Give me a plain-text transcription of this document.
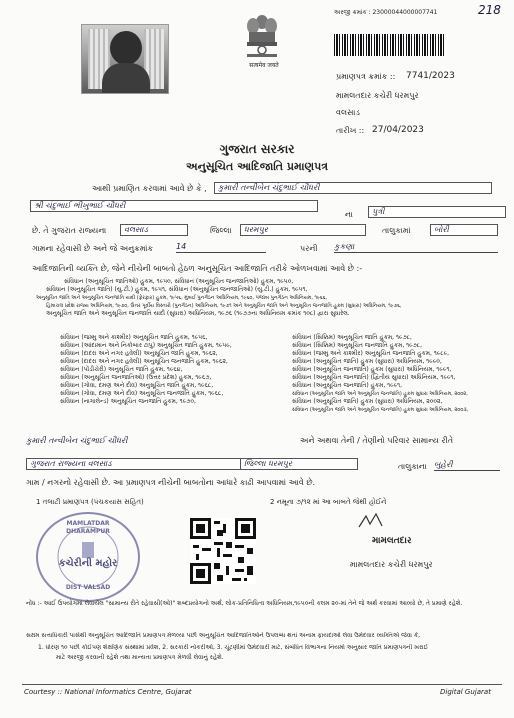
218
सत्यमेव जयते
અરજી ક્રમાંક : 23000044000007741
પ્રમાણપત્ર ક્રમાંક :: 7741/2023
મામલતદાર કચેરી ધરમપુર
વલસાડ
તારીખ :: 27/04/2023
ગુજરાત સરકાર
અનુસૂચિત આદિજાતિ પ્રમાણપત્ર
આથી પ્રમાણિત કરવામાં આવે છે કે ,	કુમારી તન્વીબેન ચંદુભાઈ ચૌધરી
શ્રી ચંદુભાઈ ભીખુભાઈ ચૌધરી
ના	પુત્રી
છે. તે ગુજરાત રાજ્યના	વલસાડ	જિલ્લા	ધરમપુર	તાલુકામાં	બોરી
ગામના રહેવાસી છે અને જે અનુક્રમાંક	14	પરની કુકણા
આદિજાતિની વ્યક્તિ છે, જેને નીચેની બાબતો હેઠળ અનુસૂચિત આદિજાતિ તરીકે ઓળખવામાં આવે છે :-
સંવિધાન (અનુસૂચિત જાતિઓ) હુકમ, ૧૯૫૦, સંવિધાન (અનુસૂચિત જનજાતિઓ) હુકમ, ૧૯૫૦,
સંવિધાન (અનુસૂચિત જાતિ) (યુ.ટી.) હુકમ, ૧૯૫૧, સંવિધાન (અનુસૂચિત જનજાતિઓ) (યુ.ટી.) હુકમ, ૧૯૫૧,
અનુસૂચિત જાતિ અને અનુસૂચિત જનજાતિ યાદી (ફેરફાર) હુકમ, ૧૯૫૬, મુંબઈ પુનર્ગઠન અધિનિયમ, ૧૯૬૦, પંજાબ પુનર્ગઠન અધિનિયમ, ૧૯૬૬,
હિમાચલ પ્રદેશ રાજ્ય અધિનિયમ, ૧૯૭૦, ઉત્તર પૂર્વીય વિસ્તારો (પુનર્ગઠન) અધિનિયમ, ૧૯૭૧ અને અનુસૂચિત જાતિ અને અનુસૂચિત જનજાતિ હુકમ (સુધારા) અધિનિયમ, ૧૯૭૬,
અનુસૂચિત જાતિ અને અનુસૂચિત જનજાતિ યાદી (સુધારા) અધિનિયમ, ૧૯૭૬ (૧૯૭૭ના અધિનિયમ ક્રમાંક ૧૦૮) દ્વારા સુધારેલ.
સંવિધાન (જમ્મુ અને કાશ્મીર) અનુસૂચિત જાતિ હુકમ, ૧૯૫૬,
સંવિધાન (આંદામાન અને નિકોબાર ટાપુ) અનુસૂચિત જાતિ હુકમ, ૧૯૫૯,
સંવિધાન (દાદરા અને નગર હવેલી) અનુસૂચિત જાતિ હુકમ, ૧૯૬૨,
સંવિધાન (દાદરા અને નગર હવેલી) અનુસૂચિત જનજાતિ હુકમ, ૧૯૬૨,
સંવિધાન (પોંડીચેરી) અનુસૂચિત જાતિ હુકમ, ૧૯૬૪,
સંવિધાન (અનુસૂચિત જનજાતિઓ) (ઉત્તર પ્રદેશ) હુકમ, ૧૯૬૭,
સંવિધાન (ગોવા, દમણ અને દીવ) અનુસૂચિત જાતિ હુકમ, ૧૯૬૮,
સંવિધાન (ગોવા, દમણ અને દીવ) અનુસૂચિત જનજાતિ હુકમ, ૧૯૬૮,
સંવિધાન (નાગાલેન્ડ) અનુસૂચિત જનજાતિ હુકમ, ૧૯૭૦,
સંવિધાન (સિક્કિમ) અનુસૂચિત જાતિ હુકમ, ૧૯૭૮,
સંવિધાન (સિક્કિમ) અનુસૂચિત જનજાતિ હુકમ, ૧૯૭૮,
સંવિધાન (જમ્મુ અને કાશ્મીર) અનુસૂચિત જનજાતિ હુકમ, ૧૯૮૯,
સંવિધાન (અનુસૂચિત જાતિ) હુકમ (સુધારા) અધિનિયમ, ૧૯૯૦,
સંવિધાન (અનુસૂચિત જનજાતિ) હુકમ (સુધારા) અધિનિયમ, ૧૯૯૧,
સંવિધાન (અનુસૂચિત જનજાતિ) (દ્વિતીય સુધારા) અધિનિયમ, ૧૯૯૧,
સંવિધાન (અનુસૂચિત જનજાતિ) હુકમ, ૧૯૯૧,
સંવિધાન (અનુસૂચિત જાતિ અને અનુસૂચિત જનજાતિ) હુકમ સુધારા અધિનિયમ, ૨૦૦૨,
સંવિધાન (અનુસૂચિત જાતિ) હુકમ (સુધારા) અધિનિયમ, ૨૦૦૨,
સંવિધાન (અનુસૂચિત જાતિ અને અનુસૂચિત જનજાતિ) હુકમ સુધારા અધિનિયમ, ૨૦૦૩,
કુમારી તન્વીબેન ચંદુભાઈ ચૌધરી	અને અથવા તેની / તેણીનો પરિવાર સામાન્ય રીતે
ગુજરાત રાજ્યના વલસાડ	જિલ્લા ધરમપુર	તાલુકાના બુહેરી
ગામ / નગરનો રહેવાસી છે. આ પ્રમાણપત્ર નીચેની બાબતોના આધારે કાઢી આપવામાં આવે છે.
1 તલાટી પ્રમાણપત્ર (પંચકયાસ સહિત)	2 નમૂના ૭/૧૨ માં આ બાબતે જેથી હોઈને
MAMLATDAR DHARAMPUR
કચેરીની મહોર
DIST VALSAD
મામલતદાર
મામલતદાર કચેરી ધરમપુર
નોંધ :- આઈ ઉપયોગમાં લેવાયેલ "સામાન્ય રીતે રહેવાસી(ઓ)" શબ્દપ્રયોગનો અર્થ, લોક-પ્રતિનિધિત્વ અધિનિયમ,૧૯૫૦ની કલમ ૨૦-માં તેને જે અર્થ કરવામાં આવ્યો છે, તે પ્રમાણે રહેશે.
સક્ષમ સત્તાધિકારી પાસેથી અનુસૂચિત આદિજાતિ પ્રમાણપત્ર મેળવ્યા પછી અનુસૂચિત આદિજાતિઓને ઉપલબ્ધ થતાં અનામ ફાયદાઓ લેવા ઉમેદવાર વ્યક્તિએ જેવા કે,
1. ધોરણ ૧૦ પછી કોઈપણ શૈક્ષણિક સંસ્થામાં પ્રવેશ, 2. સરકારી નોકરીઓ, 3. ચૂંટણીમાં ઉમેદવારી માટે, સંબંધિત વિભાગના નિયમો અનુસાર જાતિ પ્રમાણપત્રની ખરાઈ
માટે અરજી કરવાની રહેશે તથા માન્યતા પ્રમાણપત્ર મેળવી લેવાનું રહેશે.
Courtesy :: National Informatics Centre, Gujarat	Digital Gujarat
